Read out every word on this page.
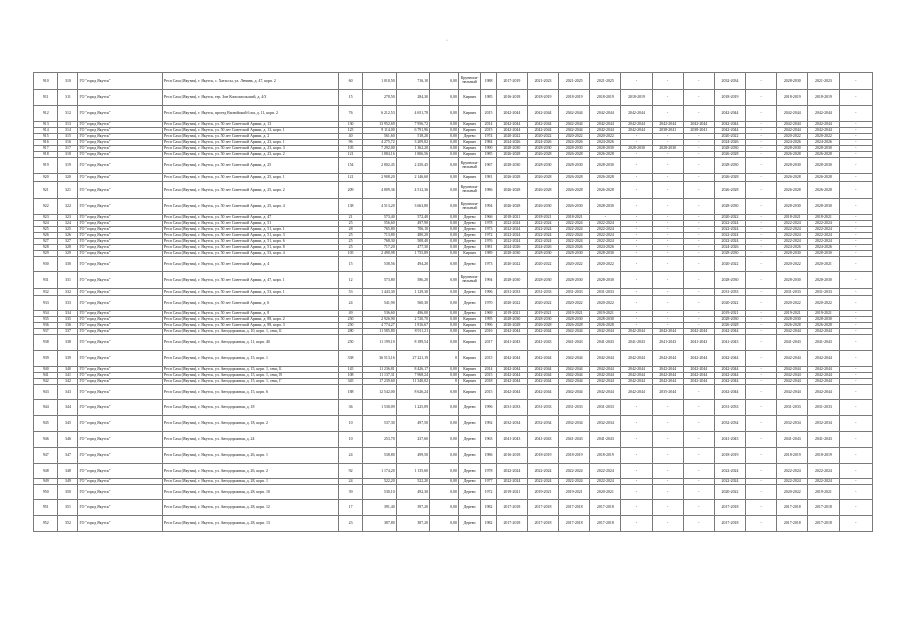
·
910	310	ГО "город Якутск"	Респ Саха (Якутия), г. Якутск, с. Хатассы, ул. Ленина, д. 47, корп. 2	60	1 010,50	716,10	0,00	Крупнопа-нельный	1988	2017-2019	2021-2023	2021-2025	2021-2025	-	-	-	2032-2034	-	2028-2030	2021-2023	-
911	311	ГО "город Якутск"	Респ Саха (Якутия), г. Якутск, тер. Зон Комсомольский, д. 4/3	15	278,50	284,30	0,00	Кирпич	1985	2016-2018	2018-2019	2018-2019	2018-2019	2018-2019	-	-	2018-2019	-	2018-2019	2018-2019	-
912	312	ГО "город Якутск"	Респ Саха (Якутия), г. Якутск, проезд Вилюйский 6 км, д. 11, корп. 2	76	6 212,53	4 651,78	0,00	Кирпич	2015	2042-2044	2042-2044	2042-2044	2042-2044	2042-2044	-	-	2042-2044	-	2042-2044	2042-2044	-
913	313	ГО "город Якутск"	Респ Саха (Якутия), г. Якутск, ул. 50 лет Советской Армии, д. 13	130	13 952,69	7 956,72	0,00	Кирпич	2014	2042-2044	2042-2044	2042-2044	2042-2044	2042-2044	2042-2044	2042-2044	2042-2044	-	2042-2044	2042-2044	-
914	314	ГО "город Якутск"	Респ Саха (Якутия), г. Якутск, ул. 50 лет Советской Армии, д. 13, корп. 1	125	9 114,00	6 791,96	0,00	Кирпич	2015	2042-2044	2042-2044	2042-2044	2042-2044	2042-2044	2038-2041	2038-2041	2042-2044	-	2042-2044	2042-2044	-
915	315	ГО "город Якутск"	Респ Саха (Якутия), г. Якутск, ул. 50 лет Советской Армии, д. 2	40	561,60	518,20	0,00	Дерево	1974	2020-2022	2020-2022	2020-2022	2020-2022	-	-	-	2020-2022	-	2020-2022	2020-2022	-
916	316	ГО "город Якутск"	Респ Саха (Якутия), г. Якутск, ул. 50 лет Советской Армии, д. 23, корп. 1	96	4 275,72	3 209,82	0,00	Кирпич	1984	2024-2026	2024-2026	2024-2026	2024-2026	-	-	-	2024-2026	-	2024-2026	2024-2026	-
917	317	ГО "город Якутск"	Респ Саха (Якутия), г. Якутск, ул. 50 лет Советской Армии, д. 23, корп. 3	105	7 292,00	1 362,20	0,00	Кирпич	1990	2028-2030	2028-2030	2028-2030	2028-2030	2028-2030	2028-2030	-	2028-2030	-	2028-2030	2028-2030	-
918	318	ГО "город Якутск"	Респ Саха (Якутия), г. Якутск, ул. 50 лет Советской Армии, д. 23, корп. 2	121	1 884,16	1 806,56	0,00	Кирпич	1985	2026-2028	2026-2028	2026-2028	2026-2028	-	-	-	2026-2028	-	2026-2028	2026-2028	-
919	319	ГО "город Якутск"	Респ Саха (Якутия), г. Якутск, ул. 50 лет Советской Армии, д. 25	154	2 802,45	2 250,45	0,00	Крупнопа-нельный	1967	2028-2030	2028-2030	2028-2030	2028-2030	-	-	-	2028-2030	-	2028-2030	2028-2030	-
920	320	ГО "город Якутск"	Респ Саха (Якутия), г. Якутск, ул. 50 лет Советской Армии, д. 25, корп. 1	121	2 908,20	2 146,60	0,00	Кирпич	1981	2026-2028	2026-2028	2026-2028	2026-2028	-	-	-	2026-2028	-	2026-2028	2026-2028	-
921	321	ГО "город Якутск"	Респ Саха (Якутия), г. Якутск, ул. 50 лет Советской Армии, д. 25, корп. 2	209	4 809,36	4 512,36	0,00	Крупнопа-нельный	1986	2026-2028	2026-2028	2026-2028	2026-2028	-	-	-	2026-2028	-	2026-2028	2026-2028	-
922	322	ГО "город Якутск"	Респ Саха (Якутия), г. Якутск, ул. 50 лет Советской Армии, д. 25, корп. 4	138	4 513,20	3 663,80	0,00	Крупнопа-нельный	1994	2026-2028	2026-2030	2026-2030	2028-2030	-	-	-	2028-2030	-	2028-2030	2028-2030	-
923	323	ГО "город Якутск"	Респ Саха (Якутия), г. Якутск, ул. 50 лет Советской Армии, д. 47	21	573,40	572,40	0,00	Дерево	1966	2018-2021	2018-2021	2018-2021	-	-	-	-	2020-2022	-	2018-2021	2018-2021	-
924	324	ГО "город Якутск"	Респ Саха (Якутия), г. Якутск, ул. 50 лет Советской Армии, д. 51	25	556,60	497,90	0,00	Дерево	1978	2022-2024	2022-2024	2022-2024	2022-2024	-	-	-	2022-2024	-	2022-2024	2022-2024	-
925	325	ГО "город Якутск"	Респ Саха (Якутия), г. Якутск, ул. 50 лет Советской Армии, д. 51, корп. 1	28	765,80	706,10	0,00	Дерево	1973	2022-2024	2022-2024	2022-2024	2022-2024	-	-	-	2022-2024	-	2022-2024	2022-2024	-
926	326	ГО "город Якутск"	Респ Саха (Якутия), г. Якутск, ул. 50 лет Советской Армии, д. 51, корп. 3	25	713,80	480,20	0,00	Дерево	1972	2022-2024	2022-2024	2022-2024	2022-2024	-	-	-	2022-2024	-	2022-2024	2022-2024	-
927	327	ГО "город Якутск"	Респ Саха (Якутия), г. Якутск, ул. 50 лет Советской Армии, д. 51, корп. 6	25	768,30	508,40	0,00	Дерево	1976	2022-2024	2022-2024	2022-2024	2022-2024	-	-	-	2022-2024	-	2022-2024	2022-2024	-
928	328	ГО "город Якутск"	Респ Саха (Якутия), г. Якутск, ул. 50 лет Советской Армии, д. 51, корп. 8	25	717,20	477,30	0,00	Дерево	1981	2024-2026	2024-2026	2024-2026	2024-2026	-	-	-	2024-2026	-	2024-2026	2024-2026	-
929	329	ГО "город Якутск"	Респ Саха (Якутия), г. Якутск, ул. 50 лет Советской Армии, д. 53, корп. 4	105	2 490,98	1 755,89	0,00	Кирпич	1989	2028-2030	2028-2030	2028-2030	2028-2030	-	-	-	2028-2030	-	2028-2030	2028-2030	-
930	330	ГО "город Якутск"	Респ Саха (Якутия), г. Якутск, ул. 50 лет Советской Армии, д. 4	15	538,56	494,20	0,00	Дерево	1973	2020-2022	2020-2022	2020-2022	2020-2022	-	-	-	2020-2022	-	2020-2022	2020-2021	-
931	331	ГО "город Якутск"	Респ Саха (Якутия), г. Якутск, ул. 50 лет Советской Армии, д. 47, корп. 1	12	573,80	586,20	0,00	Крупнопа-нельный	1994	2028-2030	2028-2030	2028-2030	2028-2030	-	-	-	2028-2030	-	2028-2030	2028-2030	-
932	332	ГО "город Якутск"	Респ Саха (Якутия), г. Якутск, ул. 50 лет Советской Армии, д. 53, корп. 1	53	1 443,30	1 129,30	0,00	Дерево	1996	2031-2033	2031-2033	2031-2033	2031-2033	-	-	-	2031-2033	-	2031-2033	2031-2033	-
933	333	ГО "город Якутск"	Респ Саха (Якутия), г. Якутск, ул. 50 лет Советской Армии, д. 6	24	541,90	560,30	0,00	Дерево	1970	2020-2022	2020-2022	2020-2022	2020-2022	-	-	-	2020-2022	-	2020-2022	2020-2022	-
934	334	ГО "город Якутск"	Респ Саха (Якутия), г. Якутск, ул. 50 лет Советской Армии, д. 8	49	536,60	496,00	0,00	Дерево	1969	2019-2021	2019-2021	2019-2021	2019-2021	-	-	-	2019-2021	-	2019-2021	2019-2021	-
935	335	ГО "город Якутск"	Респ Саха (Якутия), г. Якутск, ул. 50 лет Советской Армии, д. 88, корп. 2	250	2 926,90	2 720,70	0,00	Кирпич	1995	2028-2030	2028-2030	2028-2030	2028-2030	-	-	-	2028-2030	-	2028-2030	2028-2030	-
936	336	ГО "город Якутск"	Респ Саха (Якутия), г. Якутск, ул. 50 лет Советской Армии, д. 88, корп. 3	250	4 774,27	1 816,67	0,00	Кирпич	1996	2026-2028	2026-2028	2026-2028	2026-2028	-	-	-	2026-2028	-	2026-2028	2026-2028	-
937	337	ГО "город Якутск"	Респ Саха (Якутия), г. Якутск, ул. Автодорожная, д. 10, корп. 1, секц. Б	280	11 585,80	8 911,21	0,00	Кирпич	2016	2042-2044	2042-2044	2042-2044	2042-2044	2042-2044	2042-2044	2042-2044	2042-2044	-	2042-2044	2042-2044	-
938	338	ГО "город Якутск"	Респ Саха (Якутия), г. Якутск, ул. Автодорожная, д. 11, корп. 40	250	11 199,10	8 189,54	0,00	Кирпич	2017	2041-2043	2041-2043	2041-2043	2041-2043	2041-2043	2041-2043	2041-2043	2041-2043	-	2041-2043	2041-2043	-
939	339	ГО "город Якутск"	Респ Саха (Якутия), г. Якутск, ул. Автодорожная, д. 15, корп. 1	338	36 513,16	27 221,19	0	Кирпич	2015	2042-2044	2042-2044	2042-2044	2042-2044	2042-2044	2042-2044	2042-2044	2042-2044	-	2042-2044	2042-2044	-
940	340	ГО "город Якутск"	Респ Саха (Якутия), г. Якутск, ул. Автодорожная, д. 15, корп. 1, секц. Б	145	11 236,81	8 426,17	0,00	Кирпич	2014	2042-2044	2042-2044	2042-2044	2042-2044	2042-2044	2042-2044	2042-2044	2042-2044	-	2042-2044	2042-2044	-
941	341	ГО "город Якутск"	Респ Саха (Якутия), г. Якутск, ул. Автодорожная, д. 15, корп. 1, секц. В	108	11 137,31	7 968,24	0,00	Кирпич	2015	2042-2044	2042-2044	2042-2044	2042-2044	2042-2044	2042-2044	2042-2044	2042-2044	-	2042-2044	2042-2044	-
942	342	ГО "город Якутск"	Респ Саха (Якутия), г. Якутск, ул. Автодорожная, д. 15, корп. 1, секц. Г	345	17 239,60	11 340,02	0	Кирпич	2018	2042-2044	2042-2044	2042-2044	2042-2044	2042-2044	2042-2044	2042-2044	2042-2044	-	2042-2044	2042-2044	-
943	343	ГО "город Якутск"	Респ Саха (Якутия), г. Якутск, ул. Автодорожная, д. 15, корп. 6	188	12 542,00	8 626,24	0,00	Кирпич	2015	2042-2044	2042-2044	2042-2044	2042-2044	2042-2044	2035-2044	-	2042-2044	-	2042-2044	2042-2044	-
944	344	ГО "город Якутск"	Респ Саха (Якутия), г. Якутск, ул. Автодорожная, д. 18	36	1 530,09	1 225,09	0,00	Дерево	1996	2031-2033	2031-2033	2031-2033	2031-2033	-	-	-	2031-2033	-	2031-2033	2031-2033	-
945	345	ГО "город Якутск"	Респ Саха (Якутия), г. Якутск, ул. Автодорожная, д. 18, корп. 2	10	537,30	497,50	0,00	Дерево	1992	2032-2034	2032-2034	2032-2034	2032-2034	-	-	-	2032-2034	-	2032-2034	2032-2034	-
946	346	ГО "город Якутск"	Респ Саха (Якутия), г. Якутск, ул. Автодорожная, д. 24	10	253,70	237,60	0,00	Дерево	1963	2041-2043	2041-2043	2041-2043	2041-2043	-	-	-	2041-2043	-	2041-2043	2041-2043	-
947	347	ГО "город Якутск"	Респ Саха (Якутия), г. Якутск, ул. Автодорожная, д. 26, корп. 1	24	538,80	499,50	0,00	Дерево	1986	2016-2018	2018-2019	2018-2019	2018-2019	-	-	-	2018-2019	-	2018-2019	2018-2019	-
948	348	ГО "город Якутск"	Респ Саха (Якутия), г. Якутск, ул. Автодорожная, д. 26, корп. 2	92	1 174,20	1 135,60	0,00	Дерево	1978	2022-2024	2022-2024	2022-2024	2022-2024	-	-	-	2022-2024	-	2022-2024	2022-2024	-
949	349	ГО "город Якутск"	Респ Саха (Якутия), г. Якутск, ул. Автодорожная, д. 28, корп. 1	24	522,20	522,20	0,00	Дерево	1977	2022-2024	2022-2024	2022-2024	2022-2024	-	-	-	2022-2024	-	2022-2024	2022-2024	-
950	350	ГО "город Якутск"	Респ Саха (Якутия), г. Якутск, ул. Автодорожная, д. 28, корп. 10	39	530,10	492,30	0,00	Дерево	1972	2019-2021	2019-2021	2019-2021	2020-2021	-	-	-	2020-2022	-	2020-2022	2019-2021	-
951	351	ГО "город Якутск"	Респ Саха (Якутия), г. Якутск, ул. Автодорожная, д. 28, корп. 12	17	391,40	397,20	0,00	Дерево	1982	2017-2018	2017-2018	2017-2018	2017-2018	-	-	-	2017-2018	-	2017-2018	2017-2018	-
952	352	ГО "город Якутск"	Респ Саха (Якутия), г. Якутск, ул. Автодорожная, д. 28, корп. 13	23	387,80	387,20	0,00	Дерево	1982	2017-2018	2017-2018	2017-2018	2017-2018	-	-	-	2017-2018	-	2017-2018	2017-2018	-
